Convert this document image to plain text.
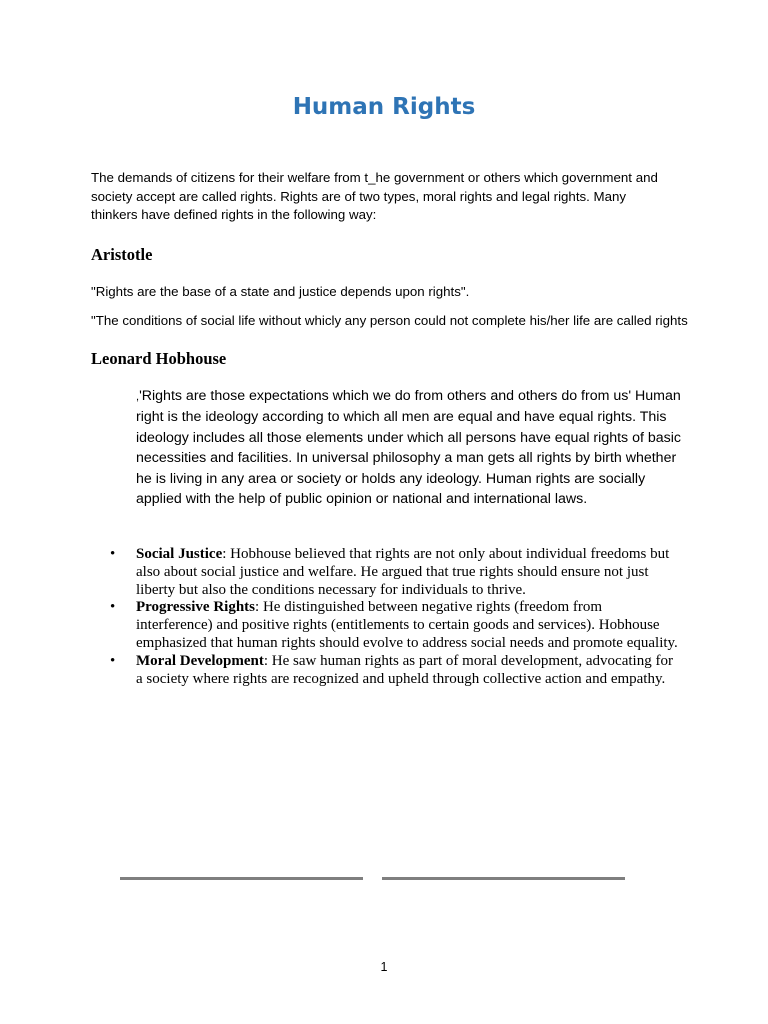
Human Rights

The demands of citizens for their welfare from t_he government or others which government and society accept are called rights. Rights are of two types, moral rights and legal rights. Many thinkers have defined rights in the following way:

Aristotle

"Rights are the base of a state and justice depends upon rights".

"The conditions of social life without whicly any person could not complete his/her life are called rights

Leonard Hobhouse

,'Rights are those expectations which we do from others and others do from us' Human right is the ideology according to which all men are equal and have equal rights. This ideology includes all those elements under which all persons have equal rights of basic necessities and facilities. In universal philosophy a man gets all rights by birth whether he is living in any area or society or holds any ideology. Human rights are socially applied with the help of public opinion or national and international laws.

• Social Justice: Hobhouse believed that rights are not only about individual freedoms but also about social justice and welfare. He argued that true rights should ensure not just liberty but also the conditions necessary for individuals to thrive.
• Progressive Rights: He distinguished between negative rights (freedom from interference) and positive rights (entitlements to certain goods and services). Hobhouse emphasized that human rights should evolve to address social needs and promote equality.
• Moral Development: He saw human rights as part of moral development, advocating for a society where rights are recognized and upheld through collective action and empathy.

1
